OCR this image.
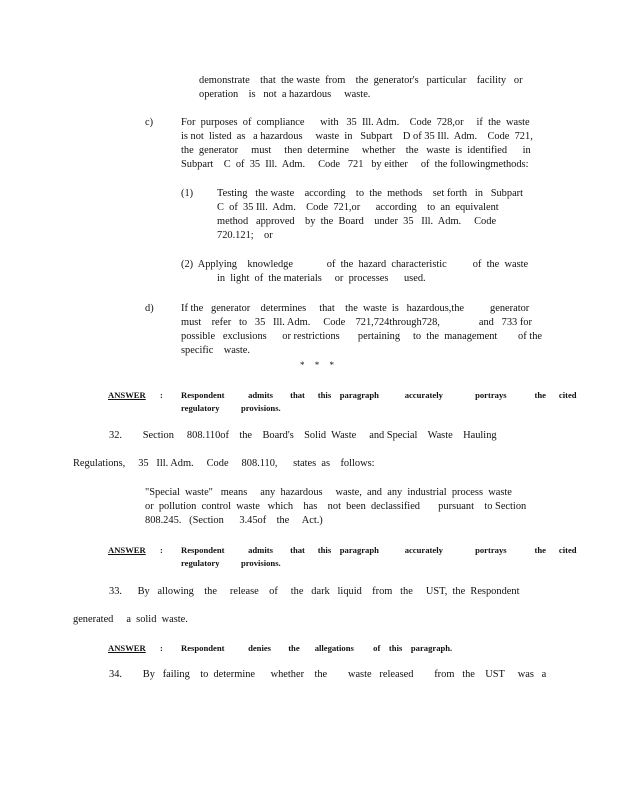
demonstrate    that  the waste  from    the  generator's   particular    facility   or
operation    is   not  a hazardous     waste.
c)	For  purposes  of  compliance      with   35  Ill. Adm.    Code  728,or     if  the  waste
is not  listed  as   a hazardous     waste  in   Subpart    D of 35 Ill.  Adm.    Code  721,
the  generator     must     then  determine     whether    the   waste  is  identified      in
Subpart    C  of  35  Ill.  Adm.     Code   721   by either     of  the followingmethods:
(1) Testing   the waste    according    to  the  methods    set forth   in   Subpart
C  of  35 Ill.  Adm.    Code  721,or      according    to  an  equivalent
method   approved    by  the  Board    under  35   Ill.  Adm.     Code
720.121;    or
(2)  Applying    knowledge             of  the  hazard  characteristic          of  the  waste
in  light  of  the materials     or  processes      used.
d)	If the   generator    determines     that    the  waste  is   hazardous,the          generator
must    refer   to   35   Ill. Adm.     Code    721,724through728,               and   733 for
possible   exclusions      or restrictions       pertaining     to  the  management        of the
specific    waste.
* * *
ANSWER : Respondent           admits        that      this    paragraph            accurately               portrays             the      cited
regulatory          provisions.
32.        Section     808.110of    the    Board's    Solid  Waste     and Special    Waste    Hauling
Regulations,     35   Ill. Adm.     Code     808.110,      states  as    follows:
"Special  waste"   means     any  hazardous     waste,  and  any  industrial  process  waste
or  pollution  control  waste   which    has    not  been  declassified       pursuant    to Section
808.245.   (Section      3.45of    the     Act.)
ANSWER : Respondent           admits        that      this    paragraph            accurately               portrays             the      cited
regulatory          provisions.
33.      By   allowing    the     release    of     the   dark   liquid    from   the     UST,  the  Respondent
generated     a  solid  waste.
ANSWER : Respondent           denies        the       allegations         of    this    paragraph.
34.        By   failing    to  determine      whether    the        waste   released        from   the    UST     was   a
